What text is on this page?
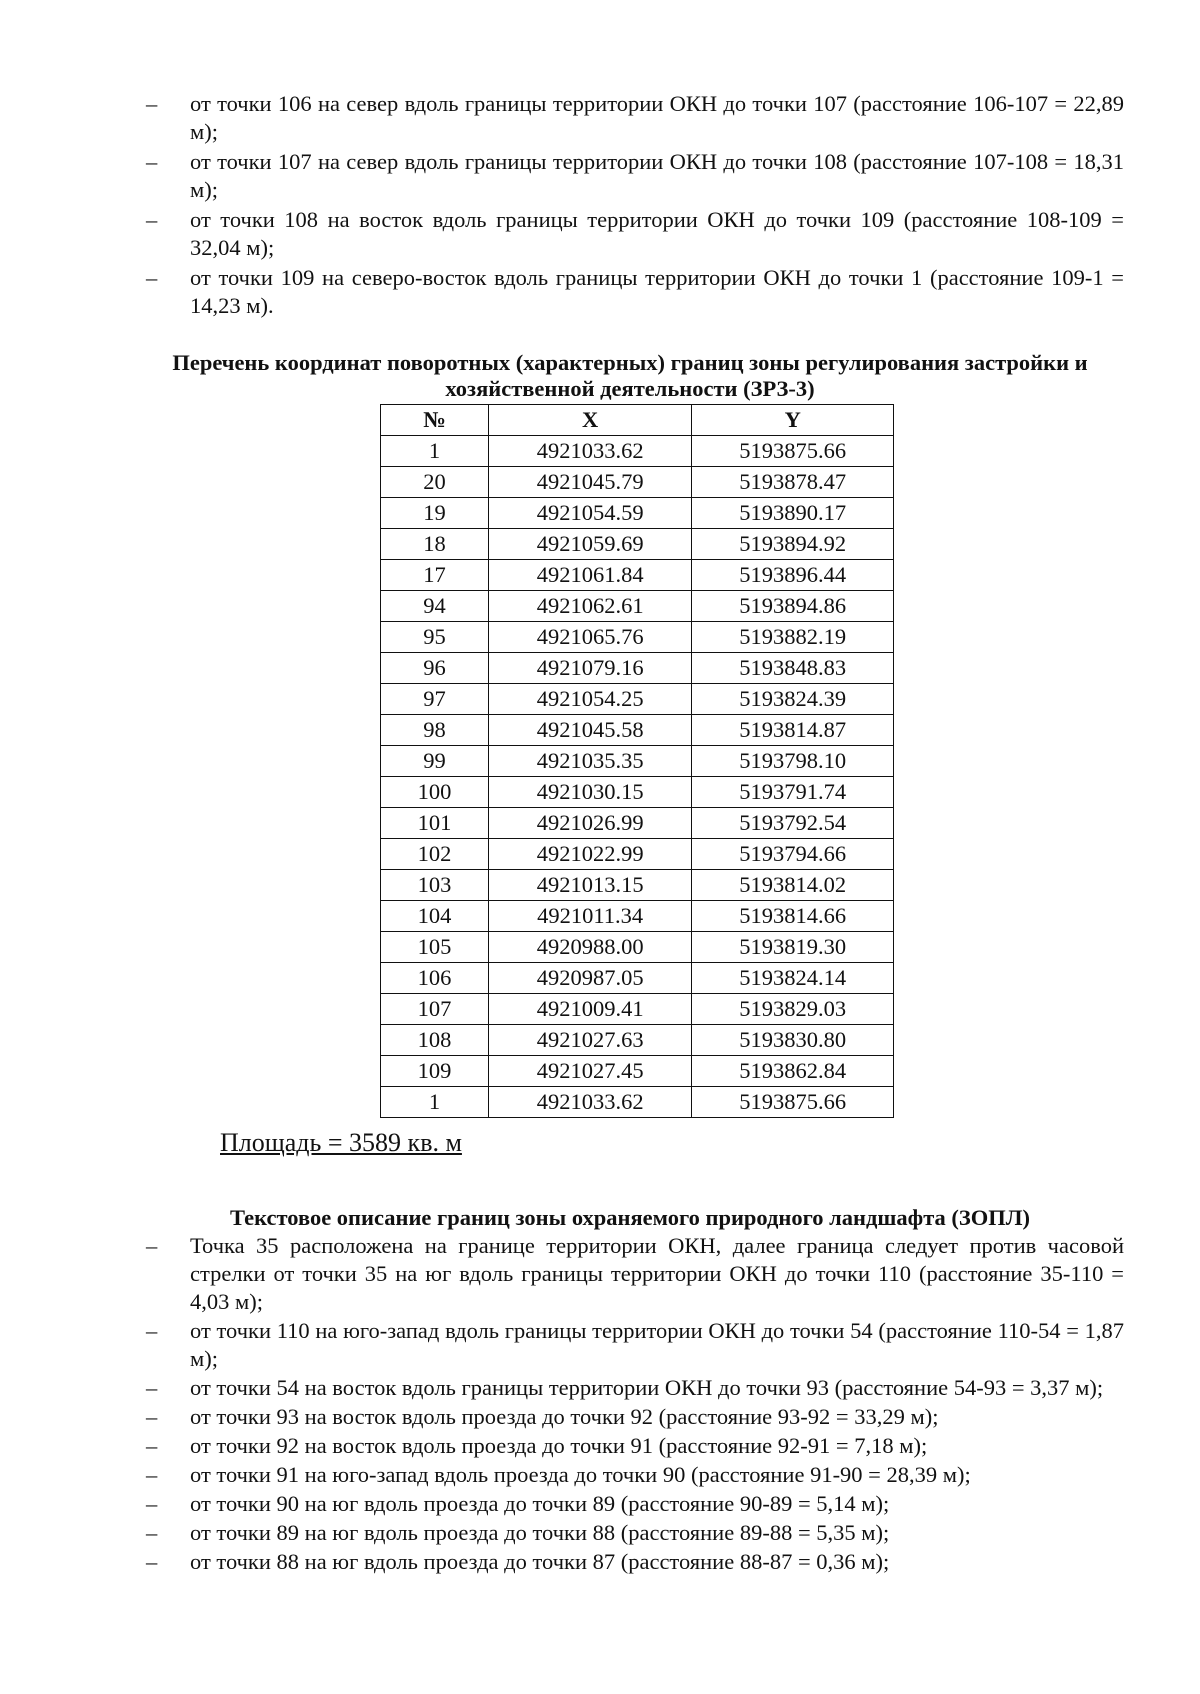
– от точки 106 на север вдоль границы территории ОКН до точки 107 (расстояние 106-107 = 22,89 м);
– от точки 107 на север вдоль границы территории ОКН до точки 108 (расстояние 107-108 = 18,31 м);
– от точки 108 на восток вдоль границы территории ОКН до точки 109 (расстояние 108-109 = 32,04 м);
– от точки 109 на северо-восток вдоль границы территории ОКН до точки 1 (расстояние 109-1 = 14,23 м).

Перечень координат поворотных (характерных) границ зоны регулирования застройки и хозяйственной деятельности (ЗРЗ-3)

№	X	Y
1	4921033.62	5193875.66
20	4921045.79	5193878.47
19	4921054.59	5193890.17
18	4921059.69	5193894.92
17	4921061.84	5193896.44
94	4921062.61	5193894.86
95	4921065.76	5193882.19
96	4921079.16	5193848.83
97	4921054.25	5193824.39
98	4921045.58	5193814.87
99	4921035.35	5193798.10
100	4921030.15	5193791.74
101	4921026.99	5193792.54
102	4921022.99	5193794.66
103	4921013.15	5193814.02
104	4921011.34	5193814.66
105	4920988.00	5193819.30
106	4920987.05	5193824.14
107	4921009.41	5193829.03
108	4921027.63	5193830.80
109	4921027.45	5193862.84
1	4921033.62	5193875.66

Площадь = 3589 кв. м

Текстовое описание границ зоны охраняемого природного ландшафта (ЗОПЛ)

– Точка 35 расположена на границе территории ОКН, далее граница следует против часовой стрелки от точки 35 на юг вдоль границы территории ОКН до точки 110 (расстояние 35-110 = 4,03 м);
– от точки 110 на юго-запад вдоль границы территории ОКН до точки 54 (расстояние 110-54 = 1,87 м);
– от точки 54 на восток вдоль границы территории ОКН до точки 93 (расстояние 54-93 = 3,37 м);
– от точки 93 на восток вдоль проезда до точки 92 (расстояние 93-92 = 33,29 м);
– от точки 92 на восток вдоль проезда до точки 91 (расстояние 92-91 = 7,18 м);
– от точки 91 на юго-запад вдоль проезда до точки 90 (расстояние 91-90 = 28,39 м);
– от точки 90 на юг вдоль проезда до точки 89 (расстояние 90-89 = 5,14 м);
– от точки 89 на юг вдоль проезда до точки 88 (расстояние 89-88 = 5,35 м);
– от точки 88 на юг вдоль проезда до точки 87 (расстояние 88-87 = 0,36 м);
